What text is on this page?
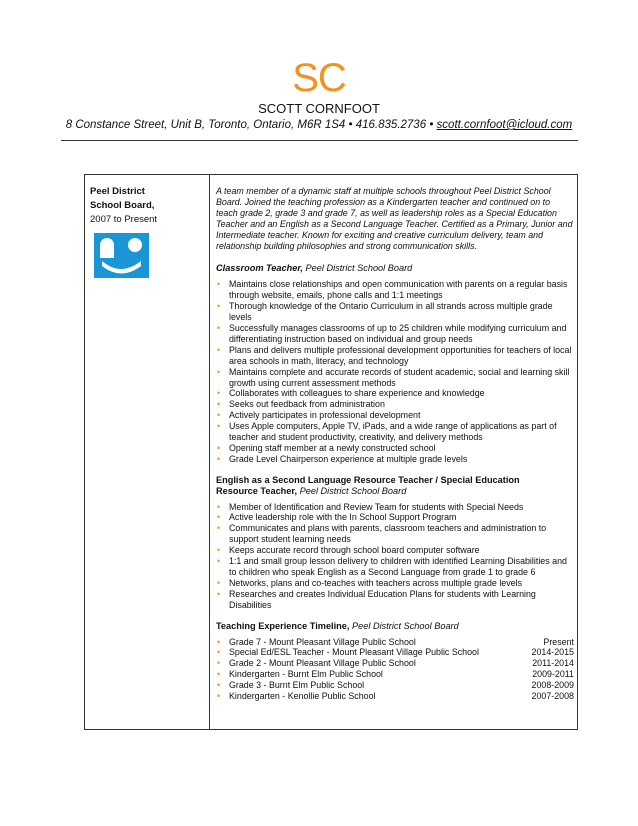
SC
SCOTT CORNFOOT
8 Constance Street, Unit B, Toronto, Ontario, M6R 1S4 • 416.835.2736 • scott.cornfoot@icloud.com
Peel District
School Board,
2007 to Present

A team member of a dynamic staff at multiple schools throughout Peel District School Board. Joined the teaching profession as a Kindergarten teacher and continued on to teach grade 2, grade 3 and grade 7, as well as leadership roles as a Special Education Teacher and an English as a Second Language Teacher. Certified as a Primary, Junior and Intermediate teacher. Known for exciting and creative curriculum delivery, team and relationship building philosophies and strong communication skills.

Classroom Teacher, Peel District School Board

• Maintains close relationships and open communication with parents on a regular basis through website, emails, phone calls and 1:1 meetings
• Thorough knowledge of the Ontario Curriculum in all strands across multiple grade levels
• Successfully manages classrooms of up to 25 children while modifying curriculum and differentiating instruction based on individual and group needs
• Plans and delivers multiple professional development opportunities for teachers of local area schools in math, literacy, and technology
• Maintains complete and accurate records of student academic, social and learning skill growth using current assessment methods
• Collaborates with colleagues to share experience and knowledge
• Seeks out feedback from administration
• Actively participates in professional development
• Uses Apple computers, Apple TV, iPads, and a wide range of applications as part of teacher and student productivity, creativity, and delivery methods
• Opening staff member at a newly constructed school
• Grade Level Chairperson experience at multiple grade levels

English as a Second Language Resource Teacher / Special Education
Resource Teacher, Peel District School Board

• Member of Identification and Review Team for students with Special Needs
• Active leadership role with the In School Support Program
• Communicates and plans with parents, classroom teachers and administration to support student learning needs
• Keeps accurate record through school board computer software
• 1:1 and small group lesson delivery to children with identified Learning Disabilities and to children who speak English as a Second Language from grade 1 to grade 6
• Networks, plans and co-teaches with teachers across multiple grade levels
• Researches and creates Individual Education Plans for students with Learning Disabilities

Teaching Experience Timeline, Peel District School Board

• Grade 7 - Mount Pleasant Village Public School	Present
• Special Ed/ESL Teacher - Mount Pleasant Village Public School	2014-2015
• Grade 2 - Mount Pleasant Village Public School	2011-2014
• Kindergarten - Burnt Elm Public School	2009-2011
• Grade 3 - Burnt Elm Public School	2008-2009
• Kindergarten - Kenollie Public School	2007-2008
